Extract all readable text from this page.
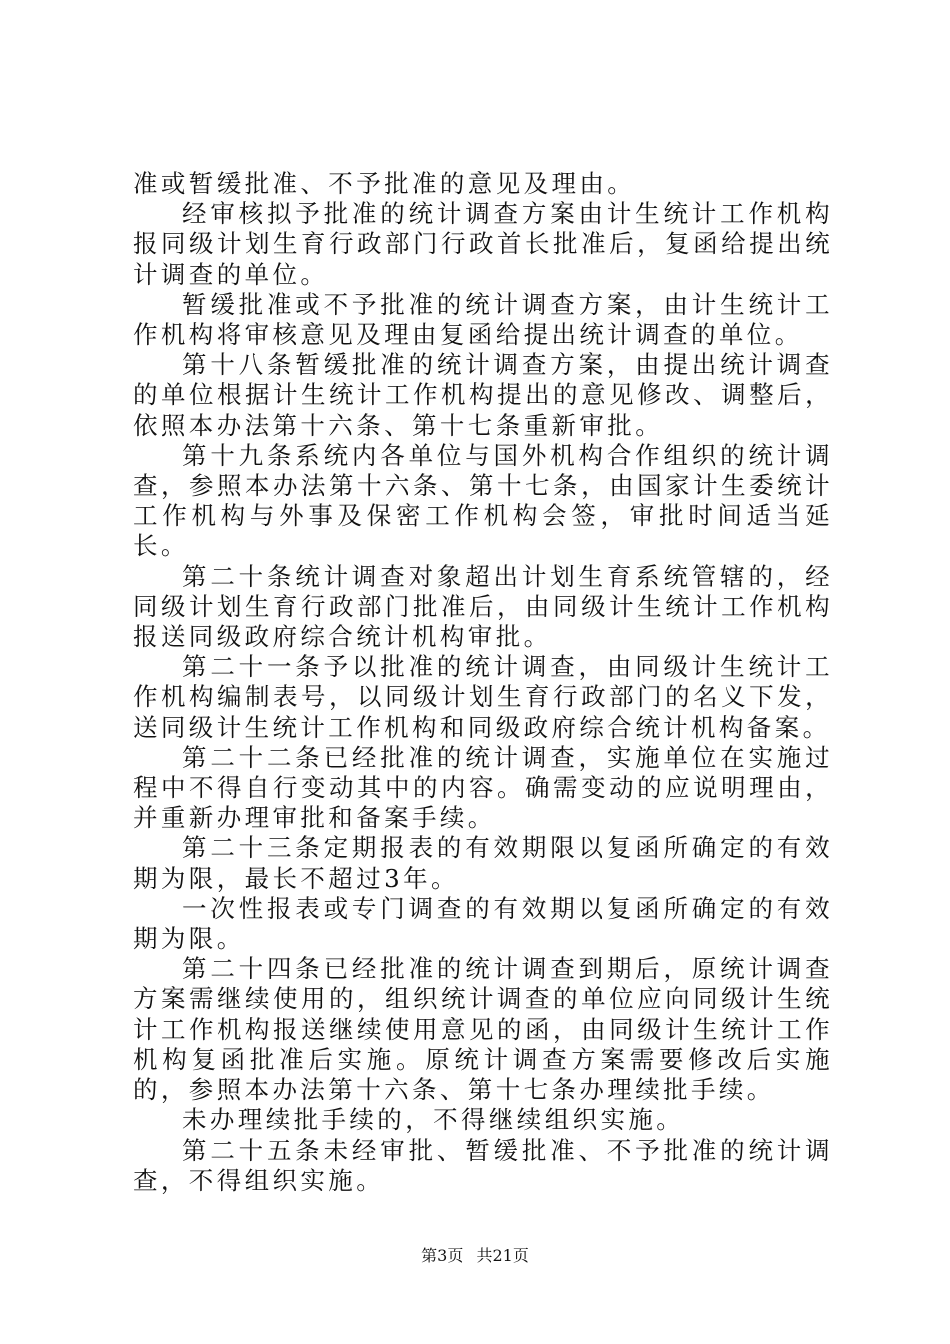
准或暂缓批准、不予批准的意见及理由。

经审核拟予批准的统计调查方案由计生统计工作机构报同级计划生育行政部门行政首长批准后，复函给提出统计调查的单位。

暂缓批准或不予批准的统计调查方案，由计生统计工作机构将审核意见及理由复函给提出统计调查的单位。

第十八条暂缓批准的统计调查方案，由提出统计调查的单位根据计生统计工作机构提出的意见修改、调整后，依照本办法第十六条、第十七条重新审批。

第十九条系统内各单位与国外机构合作组织的统计调查，参照本办法第十六条、第十七条，由国家计生委统计工作机构与外事及保密工作机构会签，审批时间适当延长。

第二十条统计调查对象超出计划生育系统管辖的，经同级计划生育行政部门批准后，由同级计生统计工作机构报送同级政府综合统计机构审批。

第二十一条予以批准的统计调查，由同级计生统计工作机构编制表号，以同级计划生育行政部门的名义下发，送同级计生统计工作机构和同级政府综合统计机构备案。

第二十二条已经批准的统计调查，实施单位在实施过程中不得自行变动其中的内容。确需变动的应说明理由，并重新办理审批和备案手续。

第二十三条定期报表的有效期限以复函所确定的有效期为限，最长不超过3年。

一次性报表或专门调查的有效期以复函所确定的有效期为限。

第二十四条已经批准的统计调查到期后，原统计调查方案需继续使用的，组织统计调查的单位应向同级计生统计工作机构报送继续使用意见的函，由同级计生统计工作机构复函批准后实施。原统计调查方案需要修改后实施的，参照本办法第十六条、第十七条办理续批手续。

未办理续批手续的，不得继续组织实施。

第二十五条未经审批、暂缓批准、不予批准的统计调查，不得组织实施。

第3页 共21页
